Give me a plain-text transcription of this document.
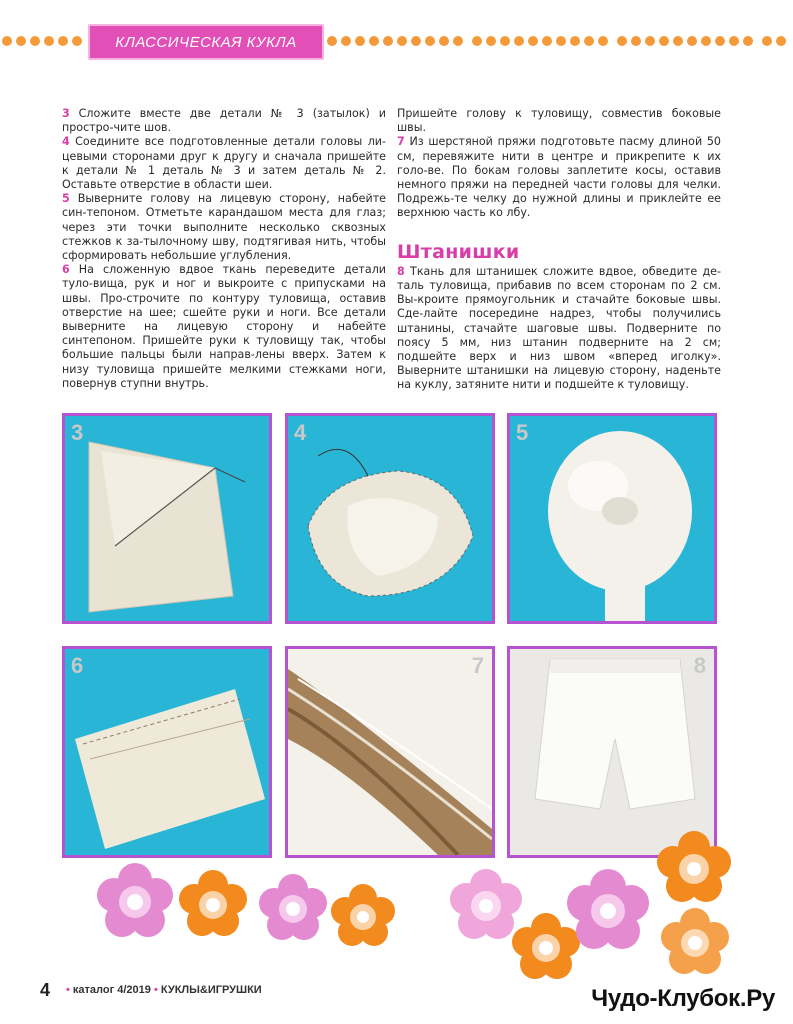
КЛАССИЧЕСКАЯ КУКЛА

3 Сложите вместе две детали № 3 (затылок) и простро-чите шов.

4 Соедините все подготовленные детали головы ли-цевыми сторонами друг к другу и сначала пришейте к детали № 1 деталь № 3 и затем деталь № 2. Оставьте отверстие в области шеи.

5 Выверните голову на лицевую сторону, набейте син-тепоном. Отметьте карандашом места для глаз; через эти точки выполните несколько сквозных стежков к за-тылочному шву, подтягивая нить, чтобы сформировать небольшие углубления.

6 На сложенную вдвое ткань переведите детали туло-вища, рук и ног и выкроите с припусками на швы. Про-строчите по контуру туловища, оставив отверстие на шее; сшейте руки и ноги. Все детали выверните на лицевую сторону и набейте синтепоном. Пришейте руки к туловищу так, чтобы большие пальцы были направ-лены вверх. Затем к низу туловища пришейте мелкими стежками ноги, повернув ступни внутрь.

Пришейте голову к туловищу, совместив боковые швы.

7 Из шерстяной пряжи подготовьте пасму длиной 50 см, перевяжите нити в центре и прикрепите к их голо-ве. По бокам головы заплетите косы, оставив немного пряжи на передней части головы для челки. Подрежь-те челку до нужной длины и приклейте ее верхнюю часть ко лбу.

Штанишки

8 Ткань для штанишек сложите вдвое, обведите де-таль туловища, прибавив по всем сторонам по 2 см. Вы-кроите прямоугольник и стачайте боковые швы. Сде-лайте посередине надрез, чтобы получились штанины, стачайте шаговые швы. Подверните по поясу 5 мм, низ штанин подверните на 2 см; подшейте верх и низ швом «вперед иголку». Выверните штанишки на лицевую сторону, наденьте на куклу, затяните нити и подшейте к туловищу.

3	4	5
6	7	8
4 • каталог 4/2019 • КУКЛЫ&ИГРУШКИ	Чудо-Клубок.Ру
